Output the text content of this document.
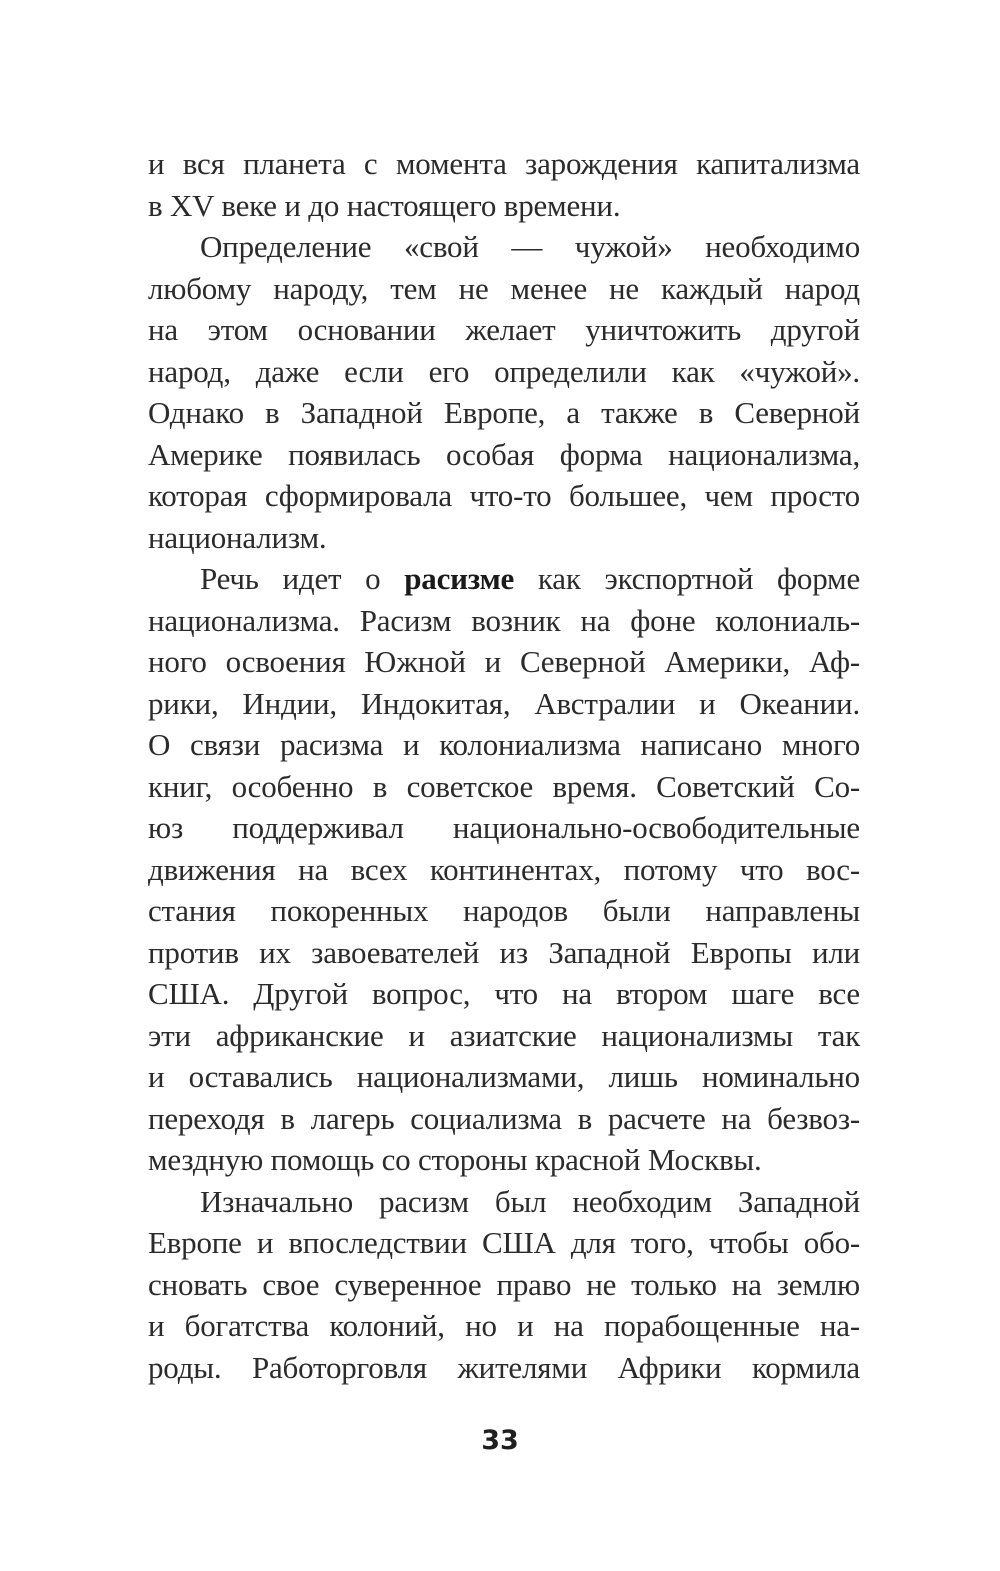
и вся планета с момента зарождения капитализма
в XV веке и до настоящего времени.
Определение «свой — чужой» необходимо
любому народу, тем не менее не каждый народ
на этом основании желает уничтожить другой
народ, даже если его определили как «чужой».
Однако в Западной Европе, а также в Северной
Америке появилась особая форма национализма,
которая сформировала что-то большее, чем просто
национализм.
Речь идет о расизме как экспортной форме
национализма. Расизм возник на фоне колониаль-
ного освоения Южной и Северной Америки, Аф-
рики, Индии, Индокитая, Австралии и Океании.
О связи расизма и колониализма написано много
книг, особенно в советское время. Советский Со-
юз поддерживал национально-освободительные
движения на всех континентах, потому что вос-
стания покоренных народов были направлены
против их завоевателей из Западной Европы или
США. Другой вопрос, что на втором шаге все
эти африканские и азиатские национализмы так
и оставались национализмами, лишь номинально
переходя в лагерь социализма в расчете на безвоз-
мездную помощь со стороны красной Москвы.
Изначально расизм был необходим Западной
Европе и впоследствии США для того, чтобы обо-
сновать свое суверенное право не только на землю
и богатства колоний, но и на порабощенные на-
роды. Работорговля жителями Африки кормила
33
